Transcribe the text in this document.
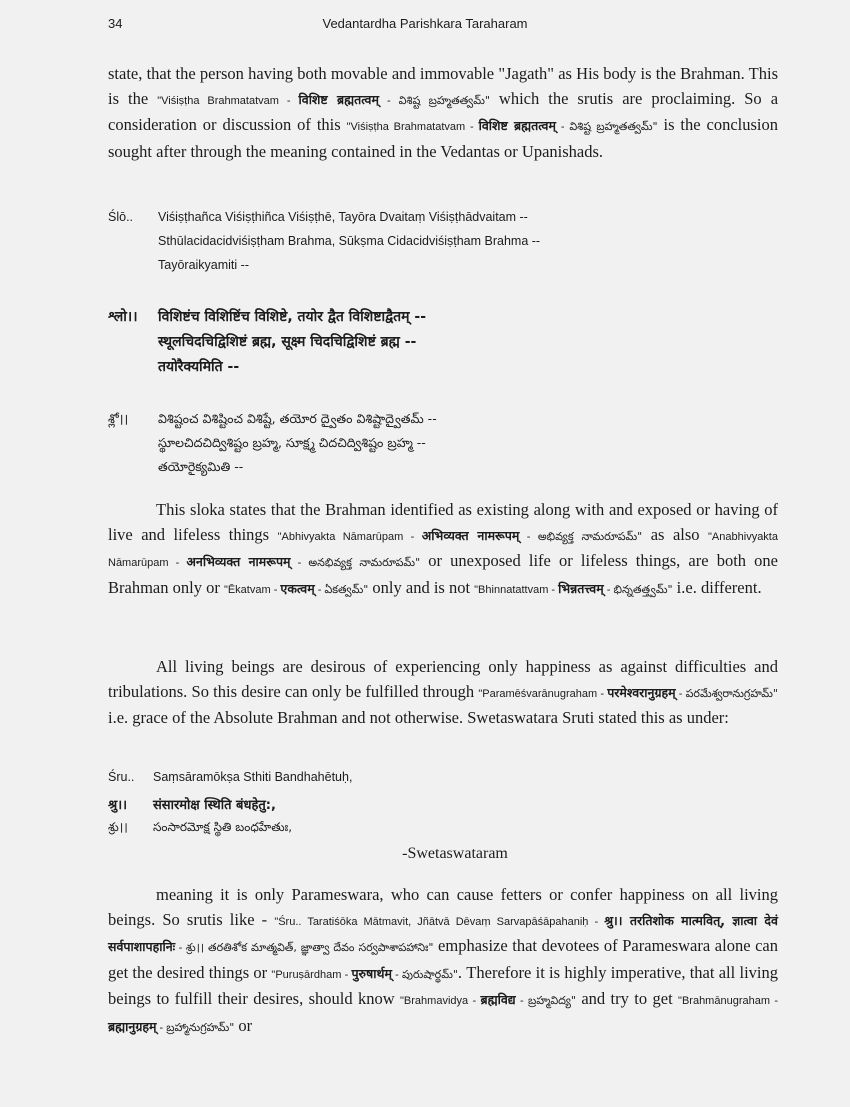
34	Vedantardha Parishkara Taraharam
state, that the person having both movable and immovable "Jagath" as His body is the Brahman. This is the "Viśiṣṭha Brahmatatvam - विशिष्ट ब्रह्मतत्वम् - విశిష్ట బ్రహ్మతత్వమ్" which the srutis are proclaiming. So a consideration or discussion of this "Viśiṣṭha Brahmatatvam - विशिष्ट ब्रह्मतत्वम् - విశిష్ట బ్రహ్మతత్వమ్" is the conclusion sought after through the meaning contained in the Vedantas or Upanishads.
Ślō.. Viśiṣṭhañca Viśiṣṭhiñca Viśiṣṭhē, Tayōra Dvaitaṃ Viśiṣṭhādvaitam --
Sthūlacidacidviśiṣṭham Brahma, Sūkṣma Cidacidviśiṣṭham Brahma --
Tayōraikyamiti --
श्लो।। विशिष्टंच विशिष्टिंच विशिष्टे, तयोर द्वैत विशिष्टाद्वैतम् --
स्थूलचिदचिद्विशिष्टं ब्रह्म, सूक्ष्म चिदचिद्विशिष्टं ब्रह्म --
तयोरैक्यमिति --
శ్లో।। విశిష్టంచ విశిష్టించ విశిష్టే, తయోర ద్వైతం విశిష్టాద్వైతమ్ --
స్థూలచిదచిద్విశిష్టం బ్రహ్మ, సూక్ష్మ చిదచిద్విశిష్టం బ్రహ్మ --
తయోరైక్యమితి --
This sloka states that the Brahman identified as existing along with and exposed or having of live and lifeless things "Abhivyakta Nāmarūpam - अभिव्यक्त नामरूपम् - అభివ్యక్త నామరూపమ్" as also "Anabhivyakta Nāmarūpam - अनभिव्यक्त नामरूपम् - అనభివ్యక్త నామరూపమ్" or unexposed life or lifeless things, are both one Brahman only or "Ēkatvam - एकत्वम् - ఏకత్వమ్" only and is not "Bhinnatattvam - भिन्नतत्त्वम् - భిన్నతత్త్వమ్" i.e. different.
All living beings are desirous of experiencing only happiness as against difficulties and tribulations. So this desire can only be fulfilled through "Paramēśvarānugraham - परमेश्वरानुग्रहम् - పరమేశ్వరానుగ్రహమ్" i.e. grace of the Absolute Brahman and not otherwise. Swetaswatara Sruti stated this as under:
Śru.. Saṃsāramōkṣa Sthiti Bandhahētuḥ,
श्रु।। संसारमोक्ष स्थिति बंधहेतु:,
శ్రు।। సంసారమోక్ష స్థితి బంధహేతుః,
-Swetaswataram
meaning it is only Parameswara, who can cause fetters or confer happiness on all living beings. So srutis like - "Śru.. Taratiśōka Mātmavit, Jñātvā Dēvaṃ Sarvapāśāpahaniḥ - श्रु।। तरतिशोक मात्मवित्, ज्ञात्वा देवं सर्वपाशापहानिः - శ్రు।। తరతిశోక మాత్మవిత్, జ్ఞాత్వా దేవం సర్వపాశాపహానిః" emphasize that devotees of Parameswara alone can get the desired things or "Puruṣārdham - पुरुषार्थम् - పురుషార్థమ్". Therefore it is highly imperative, that all living beings to fulfill their desires, should know "Brahmavidya - ब्रह्मविद्य - బ్రహ్మవిద్య" and try to get "Brahmānugraham - ब्रह्मानुग्रहम् - బ్రహ్మానుగ్రహమ్" or
